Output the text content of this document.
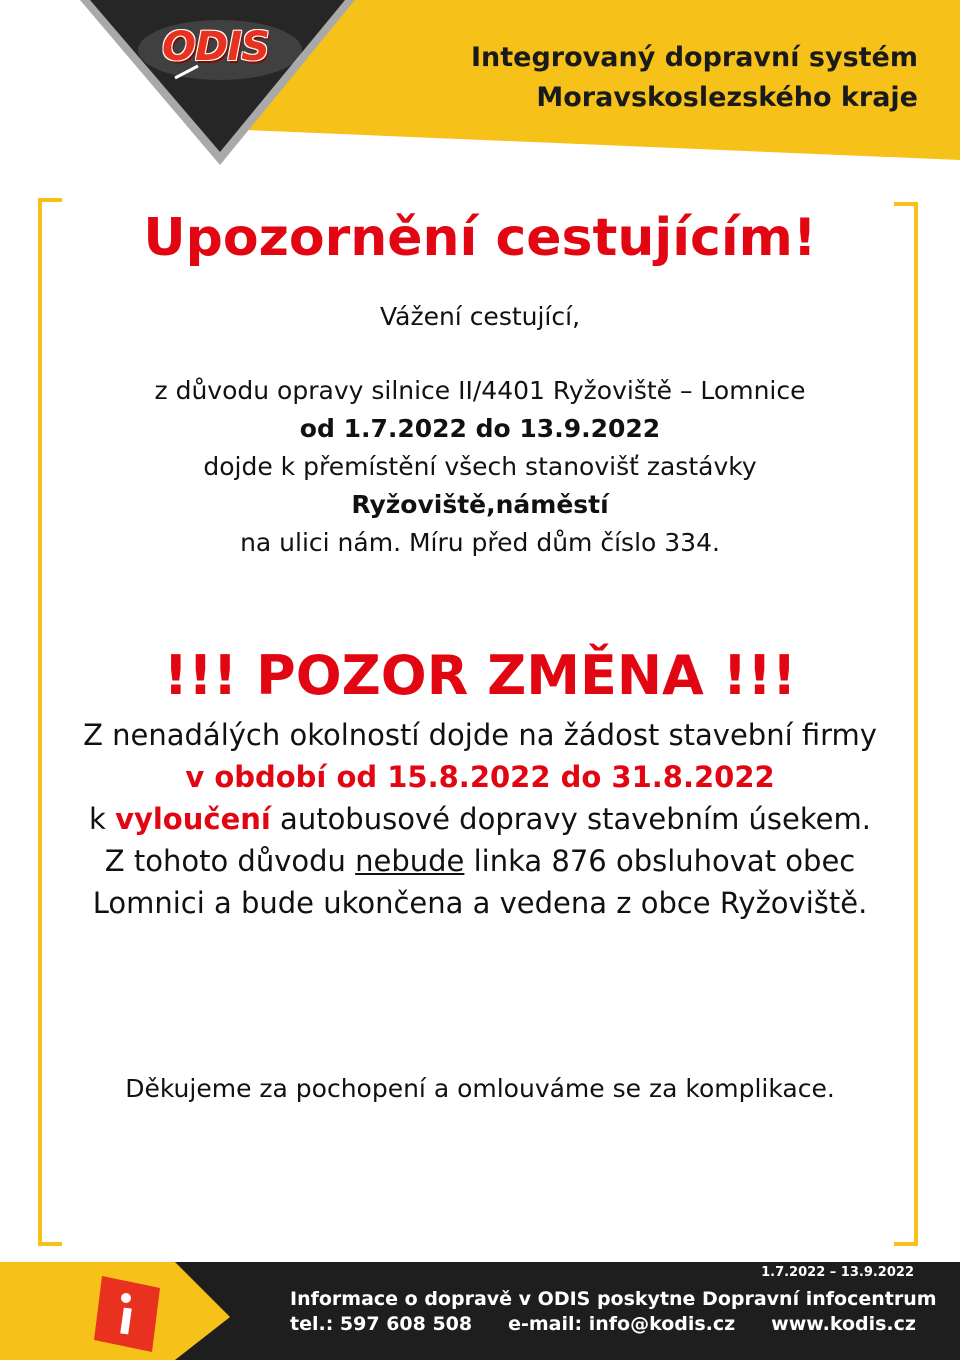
ODIS	Integrovaný dopravní systém
Moravskoslezského kraje
Upozornění cestujícím!
Vážení cestující,
z důvodu opravy silnice II/4401 Ryžoviště – Lomnice
od 1.7.2022 do 13.9.2022
dojde k přemístění všech stanovišť zastávky
Ryžoviště,náměstí
na ulici nám. Míru před dům číslo 334.
!!! POZOR ZMĚNA !!!
Z nenadálých okolností dojde na žádost stavební firmy
v období od 15.8.2022 do 31.8.2022
k vyloučení autobusové dopravy stavebním úsekem.
Z tohoto důvodu nebude linka 876 obsluhovat obec
Lomnici a bude ukončena a vedena z obce Ryžoviště.
Děkujeme za pochopení a omlouváme se za komplikace.
1.7.2022 – 13.9.2022
Informace o dopravě v ODIS poskytne Dopravní infocentrum
tel.: 597 608 508 e-mail: info@kodis.cz www.kodis.cz
